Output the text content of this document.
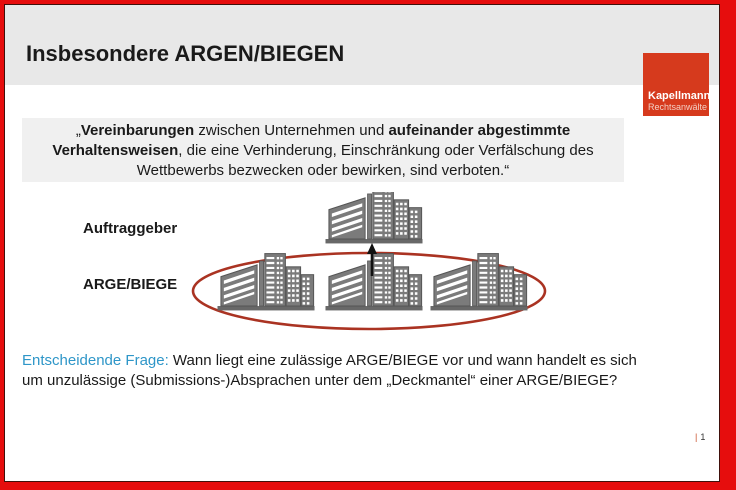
Insbesondere ARGEN/BIEGEN
Kapellmann
Rechtsanwälte
„Vereinbarungen zwischen Unternehmen und aufeinander abgestimmte Verhaltensweisen, die eine Verhinderung, Einschränkung oder Verfälschung des Wettbewerbs bezwecken oder bewirken, sind verboten.“
Auftraggeber
ARGE/BIEGE
Entscheidende Frage: Wann liegt eine zulässige ARGE/BIEGE vor und wann handelt es sich um unzulässige (Submissions-)Absprachen unter dem „Deckmantel“ einer ARGE/BIEGE?
| 1
